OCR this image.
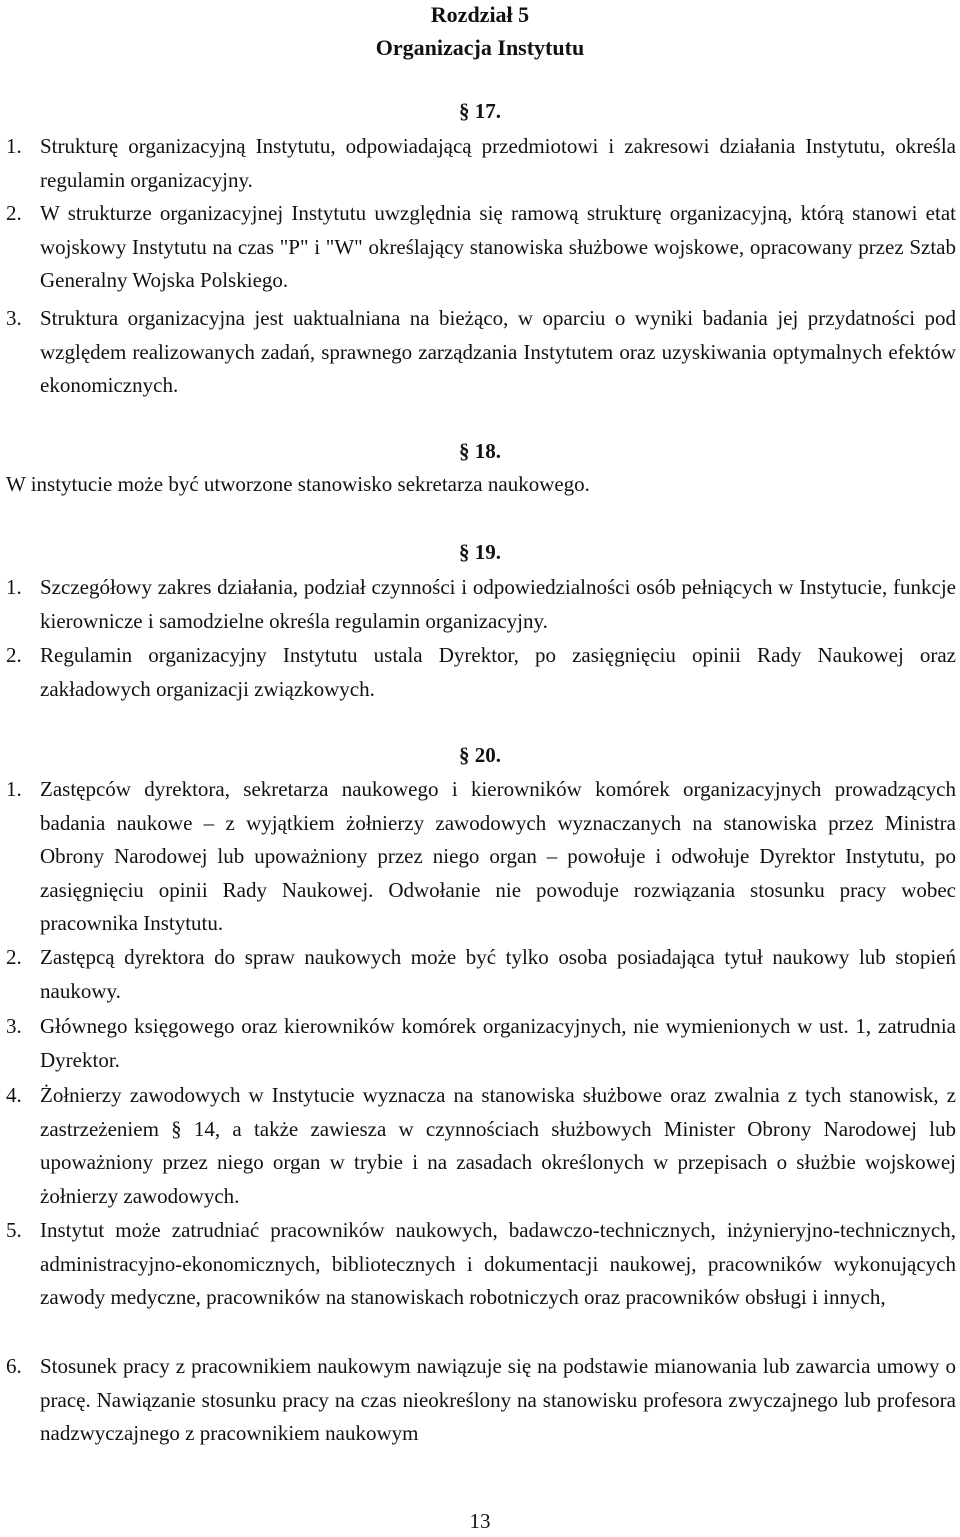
Rozdział 5
Organizacja Instytutu
§ 17.
1. Strukturę organizacyjną Instytutu, odpowiadającą przedmiotowi i zakresowi działania Instytutu, określa regulamin organizacyjny.
2. W strukturze organizacyjnej Instytutu uwzględnia się ramową strukturę organizacyjną, którą stanowi etat wojskowy Instytutu na czas "P" i "W" określający stanowiska służbowe wojskowe, opracowany przez Sztab Generalny Wojska Polskiego.
3. Struktura organizacyjna jest uaktualniana na bieżąco, w oparciu o wyniki badania jej przydatności pod względem realizowanych zadań, sprawnego zarządzania Instytutem oraz uzyskiwania optymalnych efektów ekonomicznych.
§ 18.
W instytucie może być utworzone stanowisko sekretarza naukowego.
§ 19.
1. Szczegółowy zakres działania, podział czynności i odpowiedzialności osób pełniących w Instytucie, funkcje kierownicze i samodzielne określa regulamin organizacyjny.
2. Regulamin organizacyjny Instytutu ustala Dyrektor, po zasięgnięciu opinii Rady Naukowej oraz zakładowych organizacji związkowych.
§ 20.
1. Zastępców dyrektora, sekretarza naukowego i kierowników komórek organizacyjnych prowadzących badania naukowe – z wyjątkiem żołnierzy zawodowych wyznaczanych na stanowiska przez Ministra Obrony Narodowej lub upoważniony przez niego organ – powołuje i odwołuje Dyrektor Instytutu, po zasięgnięciu opinii Rady Naukowej. Odwołanie nie powoduje rozwiązania stosunku pracy wobec pracownika Instytutu.
2. Zastępcą dyrektora do spraw naukowych może być tylko osoba posiadająca tytuł naukowy lub stopień naukowy.
3. Głównego księgowego oraz kierowników komórek organizacyjnych, nie wymienionych w ust. 1, zatrudnia Dyrektor.
4. Żołnierzy zawodowych w Instytucie wyznacza na stanowiska służbowe oraz zwalnia z tych stanowisk, z zastrzeżeniem § 14, a także zawiesza w czynnościach służbowych Minister Obrony Narodowej lub upoważniony przez niego organ w trybie i na zasadach określonych w przepisach o służbie wojskowej żołnierzy zawodowych.
5. Instytut może zatrudniać pracowników naukowych, badawczo-technicznych, inżynieryjno-technicznych, administracyjno-ekonomicznych, bibliotecznych i dokumentacji naukowej, pracowników wykonujących zawody medyczne, pracowników na stanowiskach robotniczych oraz pracowników obsługi i innych,
6. Stosunek pracy z pracownikiem naukowym nawiązuje się na podstawie mianowania lub zawarcia umowy o pracę. Nawiązanie stosunku pracy na czas nieokreślony na stanowisku profesora zwyczajnego lub profesora nadzwyczajnego z pracownikiem naukowym
13
